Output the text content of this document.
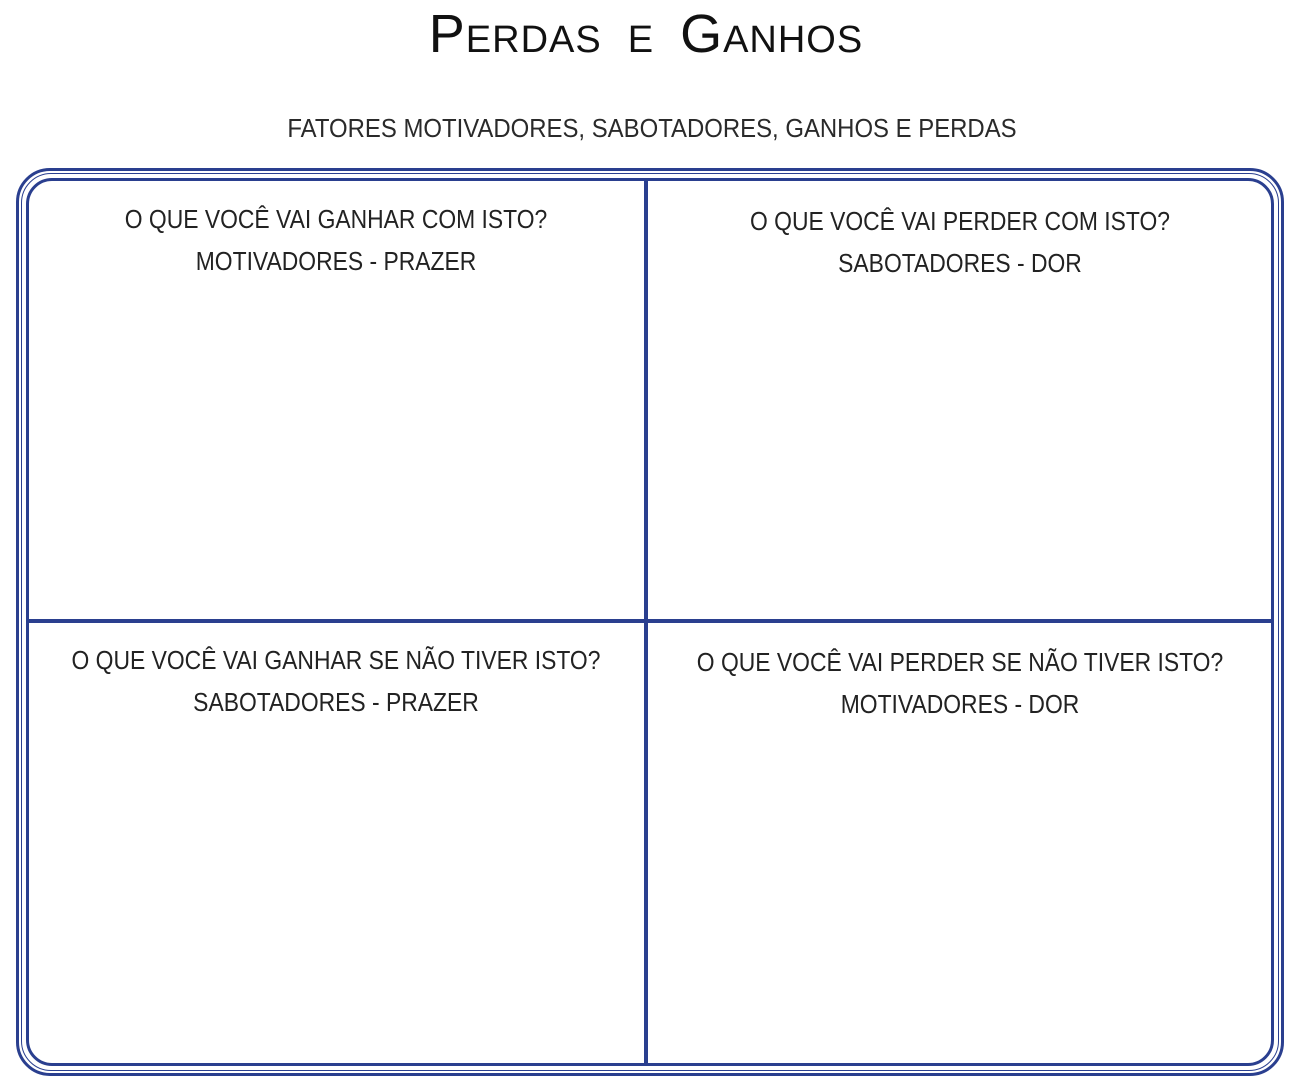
Perdas e Ganhos
FATORES MOTIVADORES, SABOTADORES, GANHOS E PERDAS
O QUE VOCÊ VAI GANHAR COM ISTO?
MOTIVADORES - PRAZER
O QUE VOCÊ VAI PERDER COM ISTO?
SABOTADORES - DOR
O QUE VOCÊ VAI GANHAR SE NÃO TIVER ISTO?
SABOTADORES - PRAZER
O QUE VOCÊ VAI PERDER SE NÃO TIVER ISTO?
MOTIVADORES - DOR
